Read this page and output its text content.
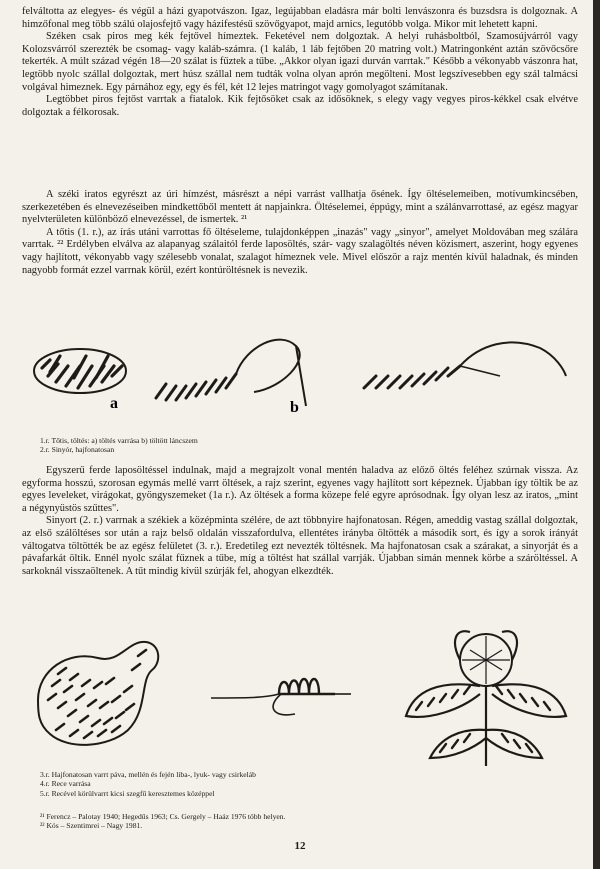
felváltotta az elegyes- és végül a házi gyapotvászon. Igaz, legújabban eladásra már bolti lenvászonra és buzsdsra is dolgoznak. A himzőfonal meg több szálú olajosfejtő vagy házifestésű szövőgyapot, majd arnics, legutóbb volga. Mikor mit lehetett kapni.

Széken csak piros meg kék fejtővel hímeztek. Feketével nem dolgoztak. A helyi ruhásboltból, Szamosújvárról vagy Kolozsvárról szerezték be csomag- vagy kaláb-számra. (1 kaláb, 1 láb fejtőben 20 matring volt.) Matringonként aztán szövőcsőre tekerték. A múlt század végén 18—20 szálat is fűztek a tűbe. „Akkor olyan igazi durván varrtak." Később a vékonyabb vászonra hat, legtöbb nyolc szállal dolgoztak, mert húsz szállal nem tudták volna olyan aprón megölteni. Most legszívesebben egy szál talmácsi volgával himeznek. Egy párnához egy, egy és fél, két 12 lejes matringot vagy gomolyagot számítanak.

Legtöbbet piros fejtőst varrtak a fiatalok. Kik fejtősöket csak az idősöknek, s elegy vagy vegyes piros-kékkel csak elvétve dolgoztak a félkorosak.

A széki iratos egyrészt az úri hímzést, másrészt a népi varrást vallhatja ősének. Így öltéselemeiben, motívumkincsében, szerkezetében és elnevezéseiben mindkettőből mentett át napjainkra. Öltéselemei, éppúgy, mint a szálánvarrottasé, az egész magyar nyelvterületen különböző elnevezéssel, de ismertek. ²¹

A tőtis (1. r.), az írás utáni varrottas fő öltéseleme, tulajdonképpen „inazás" vagy „sinyor", amelyet Moldovában meg szálára varrtak. ²² Erdélyben elválva az alapanyag szálaitól ferde laposöltés, szár- vagy szalagöltés néven közismert, aszerint, hogy egyenes vagy hajlított, vékonyabb vagy szélesebb vonalat, szalagot hímeznek vele. Mivel először a rajz mentén kívül haladnak, és minden nagyobb formát ezzel varrnak körül, ezért kontúröltésnek is nevezik.

a	b
1.r. Tőtis, töltés: a) töltés varrása b) töltött láncszem
2.r. Sinyór, hajfonatosan

Egyszerű ferde laposöltéssel indulnak, majd a megrajzolt vonal mentén haladva az előző öltés feléhez szúrnak vissza. Az egyforma hosszú, szorosan egymás mellé varrt öltések, a rajz szerint, egyenes vagy hajlított sort képeznek. Újabban így töltik be az egyes leveleket, virágokat, gyöngyszemeket (1a r.). Az öltések a forma közepe felé egyre aprósodnak. Így olyan lesz az iratos, „mint a négynyüstös szűttes".

Sinyort (2. r.) varrnak a székiek a középminta szélére, de azt többnyire hajfonatosan. Régen, ameddig vastag szállal dolgoztak, az első szálöltéses sor után a rajz belső oldalán visszafordulva, ellentétes irányba öltötték a második sort, és így a sorok irányát váltogatva töltötték be az egész felületet (3. r.). Eredetileg ezt nevezték töltésnek. Ma hajfonatosan csak a szárakat, a sinyorját és a pávafarkát öltik. Ennél nyolc szálat fűznek a tűbe, míg a töltést hat szállal varrják. Újabban simán mennek körbe a száröltéssel. A sarkoknál visszaöltenek. A tűt mindig kívül szúrják fel, ahogyan elkezdték.

3.r. Hajfonatosan varrt páva, mellén és fején liba-, lyuk- vagy csirkeláb
4.r. Rece varrása
5.r. Recével körülvarrt kicsi szegfű keresztemes középpel
²¹ Ferencz – Palotay 1940; Hegedűs 1963; Cs. Gergely – Haáz 1976 több helyen.
²² Kós – Szentimrei – Nagy 1981.
12
